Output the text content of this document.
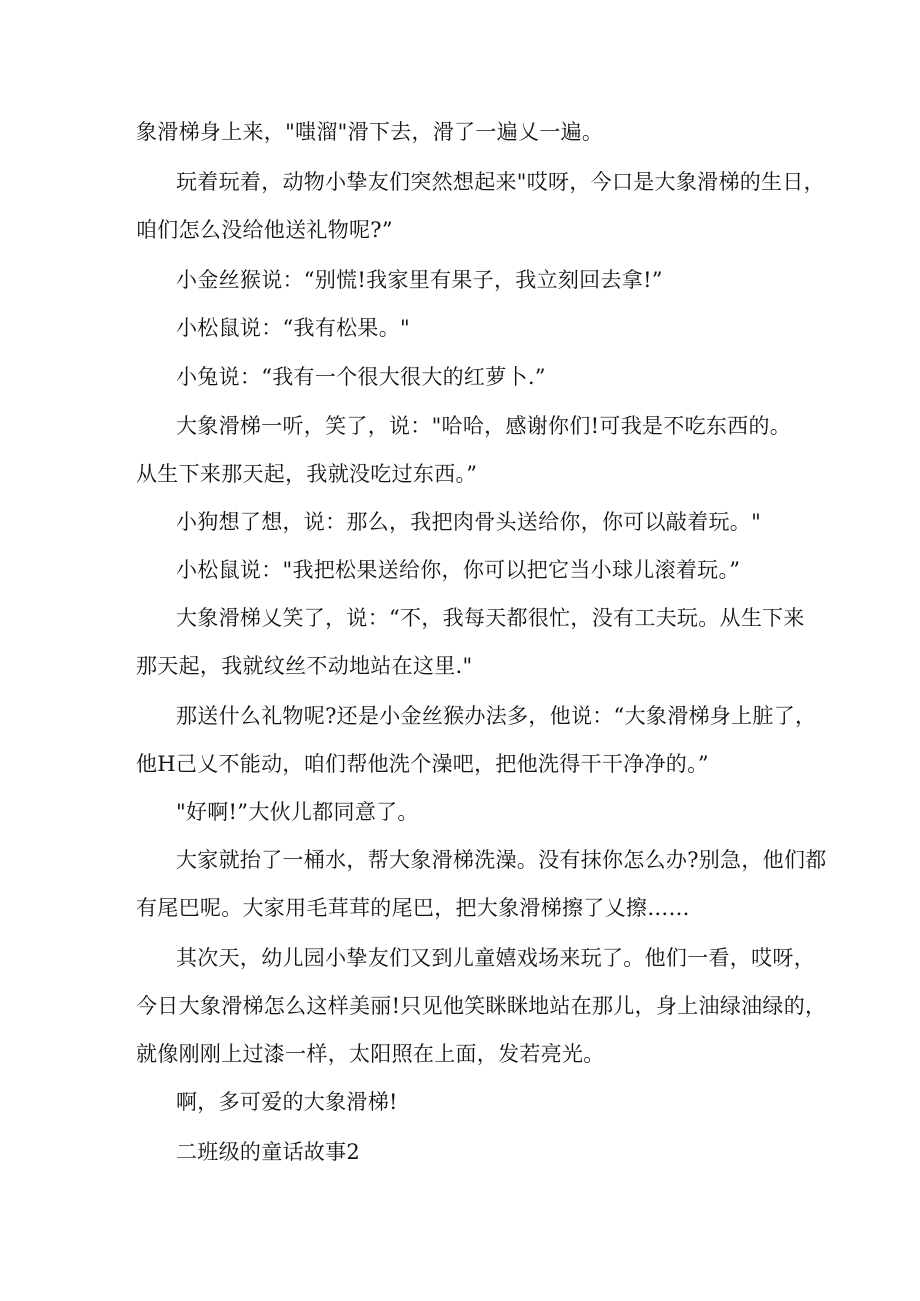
象滑梯身上来，"嗤溜"滑下去，滑了一遍乂一遍。
玩着玩着，动物小挚友们突然想起来"哎呀，今口是大象滑梯的生日，
咱们怎么没给他送礼物呢?”
小金丝猴说：“别慌!我家里有果子，我立刻回去拿!”
小松鼠说：“我有松果。"
小兔说：“我有一个很大很大的红萝卜.”
大象滑梯一听，笑了，说："哈哈，感谢你们!可我是不吃东西的。
从生下来那天起，我就没吃过东西。”
小狗想了想，说：那么，我把肉骨头送给你，你可以敲着玩。"
小松鼠说："我把松果送给你，你可以把它当小球儿滚着玩。”
大象滑梯乂笑了，说：“不，我每天都很忙，没有工夫玩。从生下来
那天起，我就纹丝不动地站在这里."
那送什么礼物呢?还是小金丝猴办法多，他说：“大象滑梯身上脏了，
他H己乂不能动，咱们帮他洗个澡吧，把他洗得干干净净的。”
"好啊!”大伙儿都同意了。
大家就抬了一桶水，帮大象滑梯洗澡。没有抹你怎么办?别急，他们都
有尾巴呢。大家用毛茸茸的尾巴，把大象滑梯擦了乂擦……
其次天，幼儿园小挚友们又到儿童嬉戏场来玩了。他们一看，哎呀，
今日大象滑梯怎么这样美丽!只见他笑眯眯地站在那儿，身上油绿油绿的，
就像刚刚上过漆一样，太阳照在上面，发若亮光。
啊，多可爱的大象滑梯!
二班级的童话故事2
